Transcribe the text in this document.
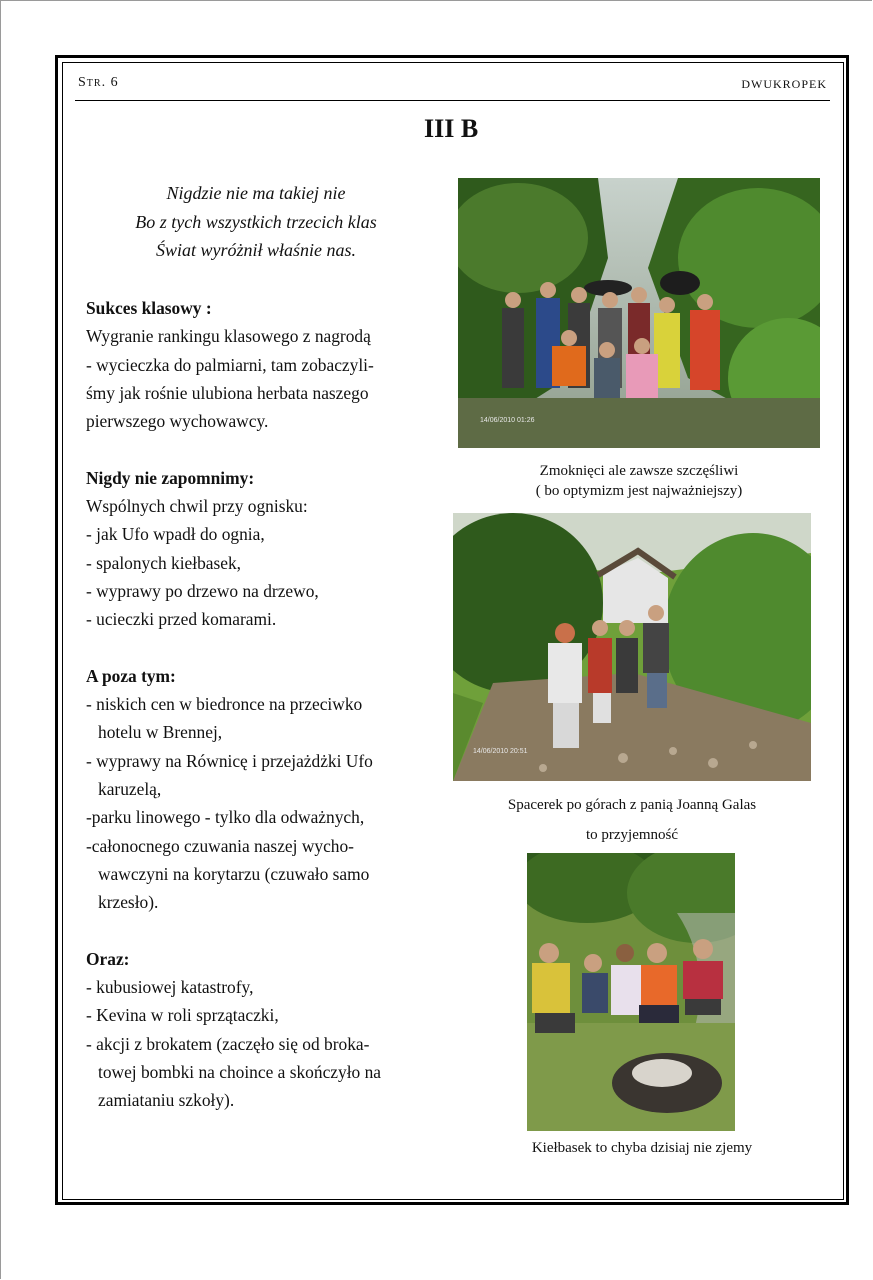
Str. 6	DWUKROPEK
III B
Nigdzie nie ma takiej nie
Bo z tych wszystkich trzecich klas
Świat wyróżnił właśnie nas.
Sukces klasowy :
Wygranie rankingu klasowego z nagrodą
- wycieczka do palmiarni, tam zobaczyli-
śmy jak rośnie ulubiona herbata naszego
pierwszego wychowawcy.
Nigdy nie zapomnimy:
Wspólnych chwil przy ognisku:
- jak Ufo wpadł do ognia,
- spalonych kiełbasek,
- wyprawy po drzewo na drzewo,
- ucieczki przed komarami.
A poza tym:
- niskich cen w biedronce na przeciwko
hotelu w Brennej,
- wyprawy na Równicę i przejażdżki Ufo
karuzelą,
-parku linowego - tylko dla odważnych,
-całonocnego czuwania naszej wycho-
wawczyni na korytarzu (czuwało samo
krzesło).
Oraz:
- kubusiowej katastrofy,
- Kevina w roli sprzątaczki,
- akcji z brokatem (zaczęło się od broka-
towej bombki na choince a skończyło na
zamiataniu szkoły).
14/06/2010 01:26
Zmoknięci ale zawsze szczęśliwi
( bo optymizm jest najważniejszy)
14/06/2010 20:51
Spacerek po górach z panią Joanną Galas
to przyjemność
Kiełbasek to chyba dzisiaj nie zjemy
